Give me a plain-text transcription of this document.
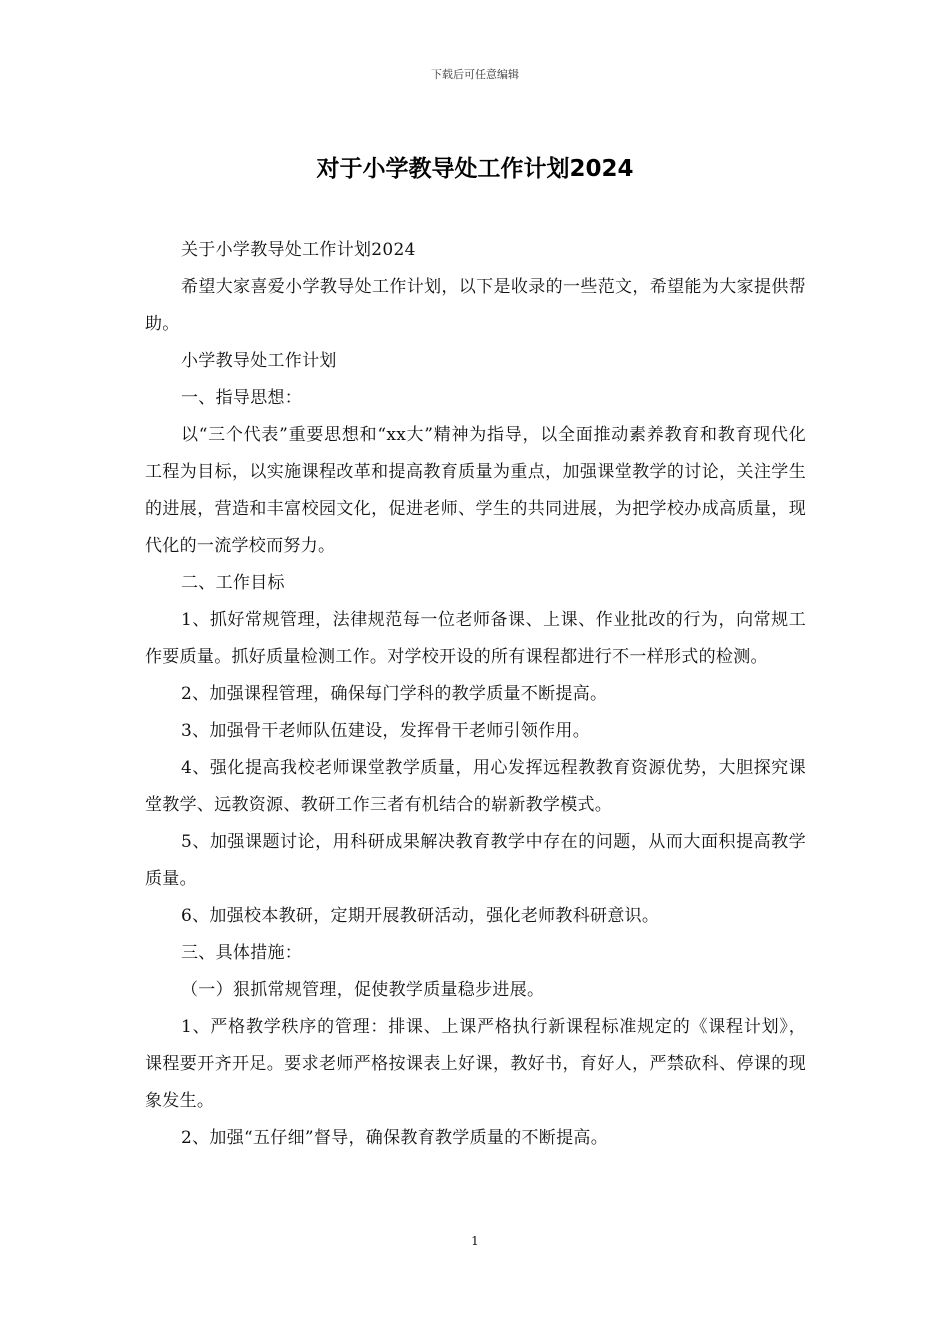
下载后可任意编辑
对于小学教导处工作计划2024

关于小学教导处工作计划2024

希望大家喜爱小学教导处工作计划，以下是收录的一些范文，希望能为大家提供帮助。

小学教导处工作计划

一、指导思想：

以“三个代表”重要思想和“xx大”精神为指导，以全面推动素养教育和教育现代化工程为目标，以实施课程改革和提高教育质量为重点，加强课堂教学的讨论，关注学生的进展，营造和丰富校园文化，促进老师、学生的共同进展，为把学校办成高质量，现代化的一流学校而努力。

二、工作目标

1、抓好常规管理，法律规范每一位老师备课、上课、作业批改的行为，向常规工作要质量。抓好质量检测工作。对学校开设的所有课程都进行不一样形式的检测。

2、加强课程管理，确保每门学科的教学质量不断提高。

3、加强骨干老师队伍建设，发挥骨干老师引领作用。

4、强化提高我校老师课堂教学质量，用心发挥远程教教育资源优势，大胆探究课堂教学、远教资源、教研工作三者有机结合的崭新教学模式。

5、加强课题讨论，用科研成果解决教育教学中存在的问题，从而大面积提高教学质量。

6、加强校本教研，定期开展教研活动，强化老师教科研意识。

三、具体措施：

（一）狠抓常规管理，促使教学质量稳步进展。

1、严格教学秩序的管理：排课、上课严格执行新课程标准规定的《课程计划》，课程要开齐开足。要求老师严格按课表上好课，教好书，育好人，严禁砍科、停课的现象发生。

2、加强“五仔细”督导，确保教育教学质量的不断提高。

1
